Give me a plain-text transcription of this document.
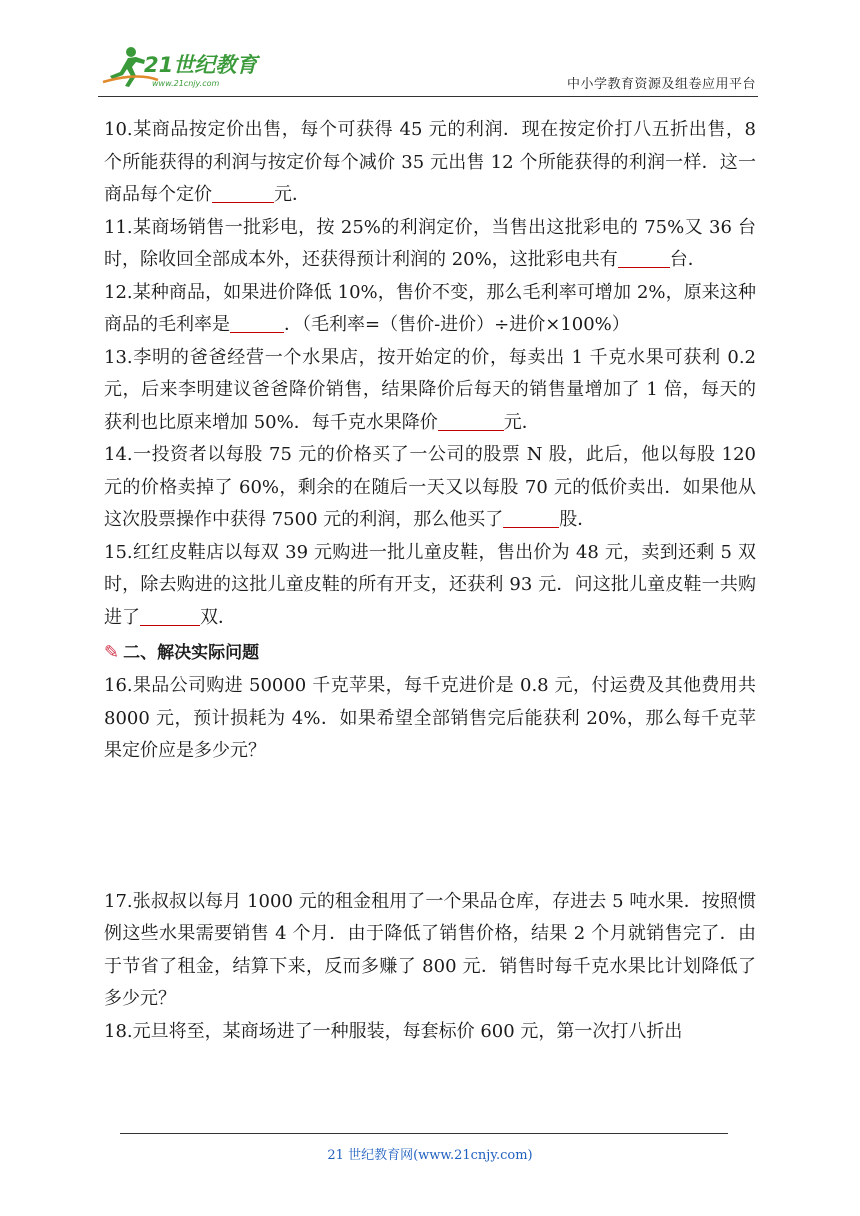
21世纪教育
www.21cnjy.com	中小学教育资源及组卷应用平台

10.某商品按定价出售，每个可获得 45 元的利润．现在按定价打八五折出售，8 个所能获得的利润与按定价每个减价 35 元出售 12 个所能获得的利润一样．这一商品每个定价	元．

11.某商场销售一批彩电，按 25%的利润定价，当售出这批彩电的 75%又 36 台时，除收回全部成本外，还获得预计利润的 20%，这批彩电共有	台．

12.某种商品，如果进价降低 10%，售价不变，那么毛利率可增加 2%，原来这种商品的毛利率是	．（毛利率=（售价-进价）÷进价×100%）

13.李明的爸爸经营一个水果店，按开始定的价，每卖出 1 千克水果可获利 0.2 元，后来李明建议爸爸降价销售，结果降价后每天的销售量增加了 1 倍，每天的获利也比原来增加 50%．每千克水果降价	元．

14.一投资者以每股 75 元的价格买了一公司的股票 N 股，此后，他以每股 120 元的价格卖掉了 60%，剩余的在随后一天又以每股 70 元的低价卖出．如果他从这次股票操作中获得 7500 元的利润，那么他买了	股．

15.红红皮鞋店以每双 39 元购进一批儿童皮鞋，售出价为 48 元，卖到还剩 5 双时，除去购进的这批儿童皮鞋的所有开支，还获利 93 元．问这批儿童皮鞋一共购进了	双．

✎ 二、解决实际问题

16.果品公司购进 50000 千克苹果，每千克进价是 0.8 元，付运费及其他费用共 8000 元，预计损耗为 4%．如果希望全部销售完后能获利 20%，那么每千克苹果定价应是多少元？

17.张叔叔以每月 1000 元的租金租用了一个果品仓库，存进去 5 吨水果．按照惯例这些水果需要销售 4 个月．由于降低了销售价格，结果 2 个月就销售完了．由于节省了租金，结算下来，反而多赚了 800 元．销售时每千克水果比计划降低了多少元？

18.元旦将至，某商场进了一种服装，每套标价 600 元，第一次打八折出

21 世纪教育网(www.21cnjy.com)
